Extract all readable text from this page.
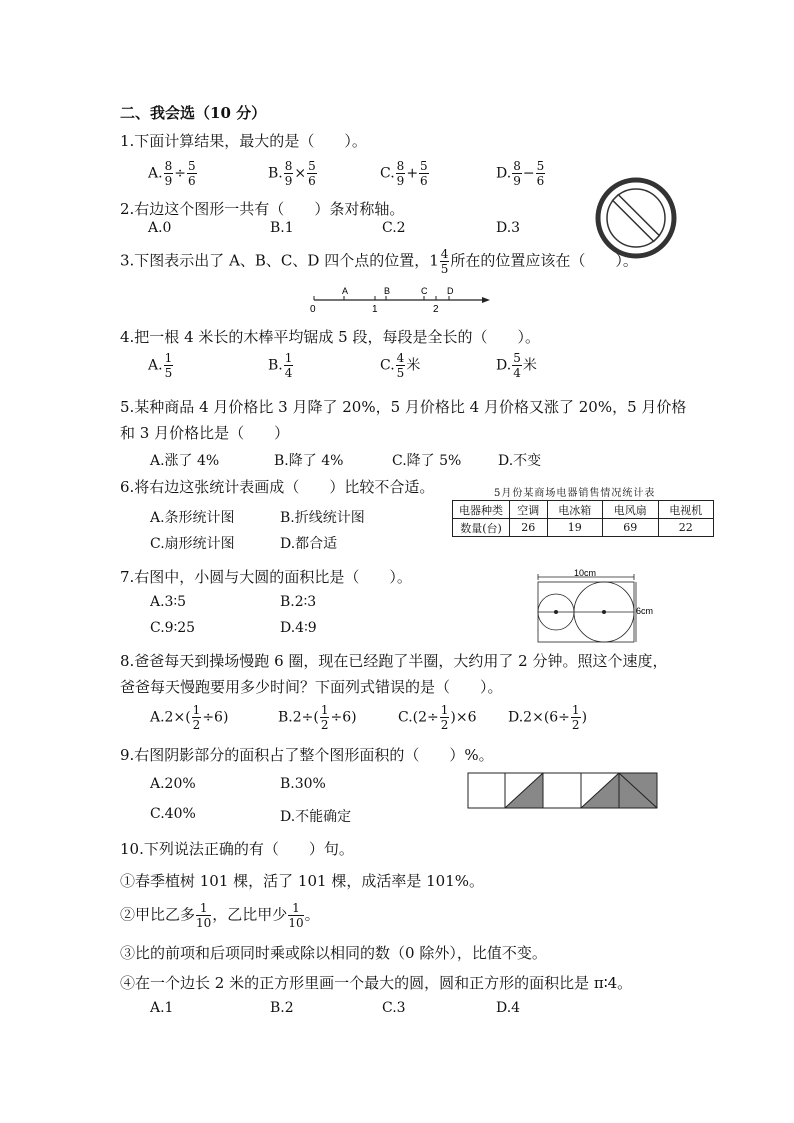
二、我会选（10 分）
1.下面计算结果，最大的是（　　）。
A. $\frac{8}{9} \div \frac{5}{6}$	B. $\frac{8}{9} \times \frac{5}{6}$	C. $\frac{8}{9} + \frac{5}{6}$	D. $\frac{8}{9} - \frac{5}{6}$
2.右边这个图形一共有（　　）条对称轴。
A.0	B.1	C.2	D.3
3.下图表示出了 A、B、C、D 四个点的位置，$1 \frac{4}{5}$ 所在的位置应该在（　　）。
A	B	C D
0	1	2
4.把一根 4 米长的木棒平均锯成 5 段，每段是全长的（　　）。
A. $\frac{1}{5}$	B. $\frac{1}{4}$	C. $\frac{4}{5}$ 米	D. $\frac{5}{4}$ 米
5.某种商品 4 月价格比 3 月降了 20%，5 月价格比 4 月价格又涨了 20%，5 月价格
和 3 月价格比是（　　）
A.涨了 4%	B.降了 4%	C.降了 5%	D.不变
6.将右边这张统计表画成（　　）比较不合适。
A.条形统计图	B.折线统计图
C.扇形统计图	D.都合适
5月份某商场电器销售情况统计表
电器种类	空调	电冰箱	电风扇	电视机
数量(台)	26	19	69	22
7.右图中，小圆与大圆的面积比是（　　）。
A.3∶5	B.2∶3
C.9∶25	D.4∶9
10cm
6cm
8.爸爸每天到操场慢跑 6 圈，现在已经跑了半圈，大约用了 2 分钟。照这个速度，
爸爸每天慢跑要用多少时间？下面列式错误的是（　　）。
$A.2\times( \frac{1}{2} \div 6)$	$B.2\div( \frac{1}{2} \div 6)$	$C.(2\div \frac{1}{2} )\times 6$ $D.2\times(6\div \frac{1}{2}$ )
9.右图阴影部分的面积占了整个图形面积的（　　）%。
A.20%	B.30%
C.40%	D.不能确定
10.下列说法正确的有（　　）句。
①春季植树 101 棵，活了 101 棵，成活率是 101%。
②甲比乙多 $\frac{1}{10}$ ，乙比甲少 $\frac{1}{10}$ 。
③比的前项和后项同时乘或除以相同的数（0 除外），比值不变。
④在一个边长 2 米的正方形里画一个最大的圆，圆和正方形的面积比是 π∶4。
A.1	B.2	C.3	D.4
